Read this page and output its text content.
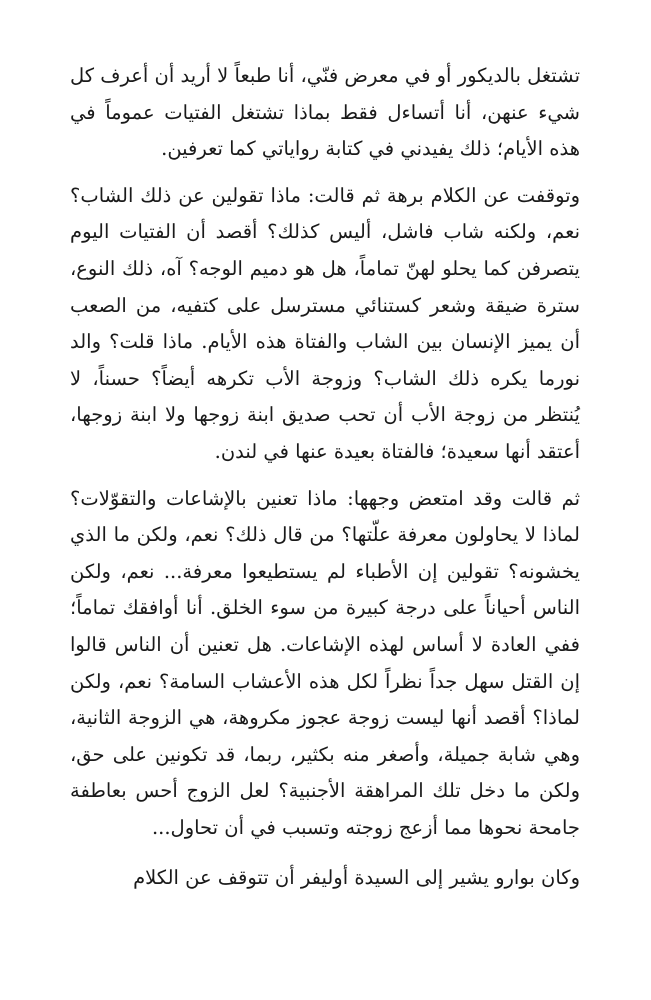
تشتغل بالديكور أو في معرض فنّي، أنا طبعاً لا أريد أن أعرف كل شيء عنهن، أنا أتساءل فقط بماذا تشتغل الفتيات عموماً في هذه الأيام؛ ذلك يفيدني في كتابة رواياتي كما تعرفين.

وتوقفت عن الكلام برهة ثم قالت: ماذا تقولين عن ذلك الشاب؟ نعم، ولكنه شاب فاشل، أليس كذلك؟ أقصد أن الفتيات اليوم يتصرفن كما يحلو لهنّ تماماً، هل هو دميم الوجه؟ آه، ذلك النوع، سترة ضيقة وشعر كستنائي مسترسل على كتفيه، من الصعب أن يميز الإنسان بين الشاب والفتاة هذه الأيام. ماذا قلت؟ والد نورما يكره ذلك الشاب؟ وزوجة الأب تكرهه أيضاً؟ حسناً، لا يُنتظر من زوجة الأب أن تحب صديق ابنة زوجها ولا ابنة زوجها، أعتقد أنها سعيدة؛ فالفتاة بعيدة عنها في لندن.

ثم قالت وقد امتعض وجهها: ماذا تعنين بالإشاعات والتقوّلات؟ لماذا لا يحاولون معرفة علّتها؟ من قال ذلك؟ نعم، ولكن ما الذي يخشونه؟ تقولين إن الأطباء لم يستطيعوا معرفة... نعم، ولكن الناس أحياناً على درجة كبيرة من سوء الخلق. أنا أوافقك تماماً؛ ففي العادة لا أساس لهذه الإشاعات. هل تعنين أن الناس قالوا إن القتل سهل جداً نظراً لكل هذه الأعشاب السامة؟ نعم، ولكن لماذا؟ أقصد أنها ليست زوجة عجوز مكروهة، هي الزوجة الثانية، وهي شابة جميلة، وأصغر منه بكثير، ربما، قد تكونين على حق، ولكن ما دخل تلك المراهقة الأجنبية؟ لعل الزوج أحس بعاطفة جامحة نحوها مما أزعج زوجته وتسبب في أن تحاول...

وكان بوارو يشير إلى السيدة أوليفر أن تتوقف عن الكلام
